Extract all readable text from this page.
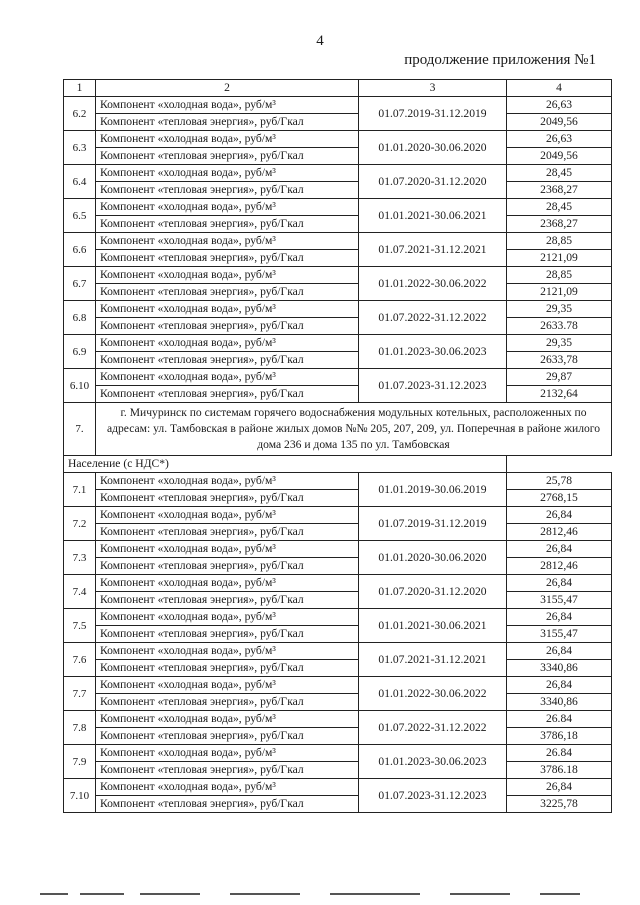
4
продолжение приложения №1
1	2	3	4
6.2	Компонент «холодная вода», руб/м³	01.07.2019-31.12.2019	26,63
	Компонент «тепловая энергия», руб/Гкал		2049,56
6.3	Компонент «холодная вода», руб/м³	01.01.2020-30.06.2020	26,63
	Компонент «тепловая энергия», руб/Гкал		2049,56
6.4	Компонент «холодная вода», руб/м³	01.07.2020-31.12.2020	28,45
	Компонент «тепловая энергия», руб/Гкал		2368,27
6.5	Компонент «холодная вода», руб/м³	01.01.2021-30.06.2021	28,45
	Компонент «тепловая энергия», руб/Гкал		2368,27
6.6	Компонент «холодная вода», руб/м³	01.07.2021-31.12.2021	28,85
	Компонент «тепловая энергия», руб/Гкал		2121,09
6.7	Компонент «холодная вода», руб/м³	01.01.2022-30.06.2022	28,85
	Компонент «тепловая энергия», руб/Гкал		2121,09
6.8	Компонент «холодная вода», руб/м³	01.07.2022-31.12.2022	29,35
	Компонент «тепловая энергия», руб/Гкал		2633.78
6.9	Компонент «холодная вода», руб/м³	01.01.2023-30.06.2023	29,35
	Компонент «тепловая энергия», руб/Гкал		2633,78
6.10	Компонент «холодная вода», руб/м³	01.07.2023-31.12.2023	29,87
	Компонент «тепловая энергия», руб/Гкал		2132,64
7.	г. Мичуринск по системам горячего водоснабжения модульных котельных, расположенных по адресам: ул. Тамбовская в районе жилых домов №№ 205, 207, 209, ул. Поперечная в районе жилого дома 236 и дома 135 по ул. Тамбовская		
Население (с НДС*)			
7.1	Компонент «холодная вода», руб/м³	01.01.2019-30.06.2019	25,78
	Компонент «тепловая энергия», руб/Гкал		2768,15
7.2	Компонент «холодная вода», руб/м³	01.07.2019-31.12.2019	26,84
	Компонент «тепловая энергия», руб/Гкал		2812,46
7.3	Компонент «холодная вода», руб/м³	01.01.2020-30.06.2020	26,84
	Компонент «тепловая энергия», руб/Гкал		2812,46
7.4	Компонент «холодная вода», руб/м³	01.07.2020-31.12.2020	26,84
	Компонент «тепловая энергия», руб/Гкал		3155,47
7.5	Компонент «холодная вода», руб/м³	01.01.2021-30.06.2021	26,84
	Компонент «тепловая энергия», руб/Гкал		3155,47
7.6	Компонент «холодная вода», руб/м³	01.07.2021-31.12.2021	26,84
	Компонент «тепловая энергия», руб/Гкал		3340,86
7.7	Компонент «холодная вода», руб/м³	01.01.2022-30.06.2022	26,84
	Компонент «тепловая энергия», руб/Гкал		3340,86
7.8	Компонент «холодная вода», руб/м³	01.07.2022-31.12.2022	26.84
	Компонент «тепловая энергия», руб/Гкал		3786,18
7.9	Компонент «холодная вода», руб/м³	01.01.2023-30.06.2023	26.84
	Компонент «тепловая энергия», руб/Гкал		3786.18
7.10	Компонент «холодная вода», руб/м³	01.07.2023-31.12.2023	26,84
	Компонент «тепловая энергия», руб/Гкал		3225,78
